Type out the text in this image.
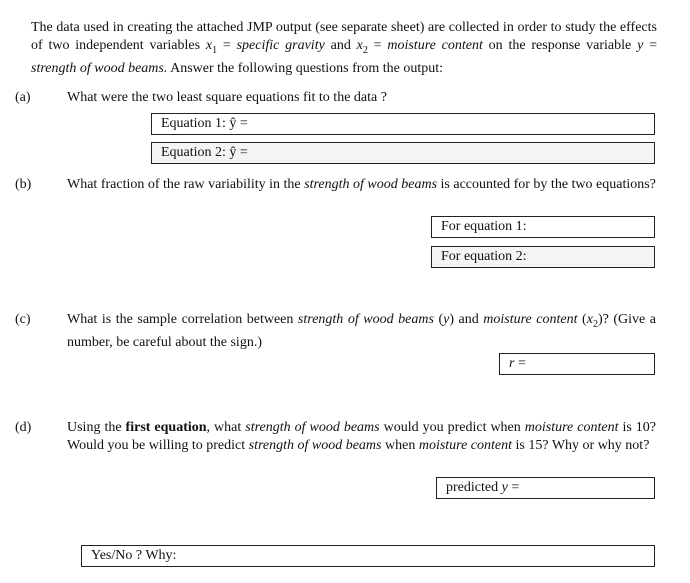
The data used in creating the attached JMP output (see separate sheet) are collected in order to study the effects of two independent variables $x_1$ = specific gravity and $x_2$ = moisture content on the response variable y = strength of wood beams. Answer the following questions from the output:
(a)	What were the two least square equations fit to the data ?
Equation 1: ŷ =
Equation 2: ŷ =
(b)	What fraction of the raw variability in the strength of wood beams is accounted for by the two equations?
For equation 1:
For equation 2:
(c)	What is the sample correlation between strength of wood beams (y) and moisture content $(x_2)$? (Give a number, be careful about the sign.)
r =
(d)	Using the first equation, what strength of wood beams would you predict when moisture content is 10? Would you be willing to predict strength of wood beams when moisture content is 15? Why or why not?
predicted y =
Yes/No ? Why:
